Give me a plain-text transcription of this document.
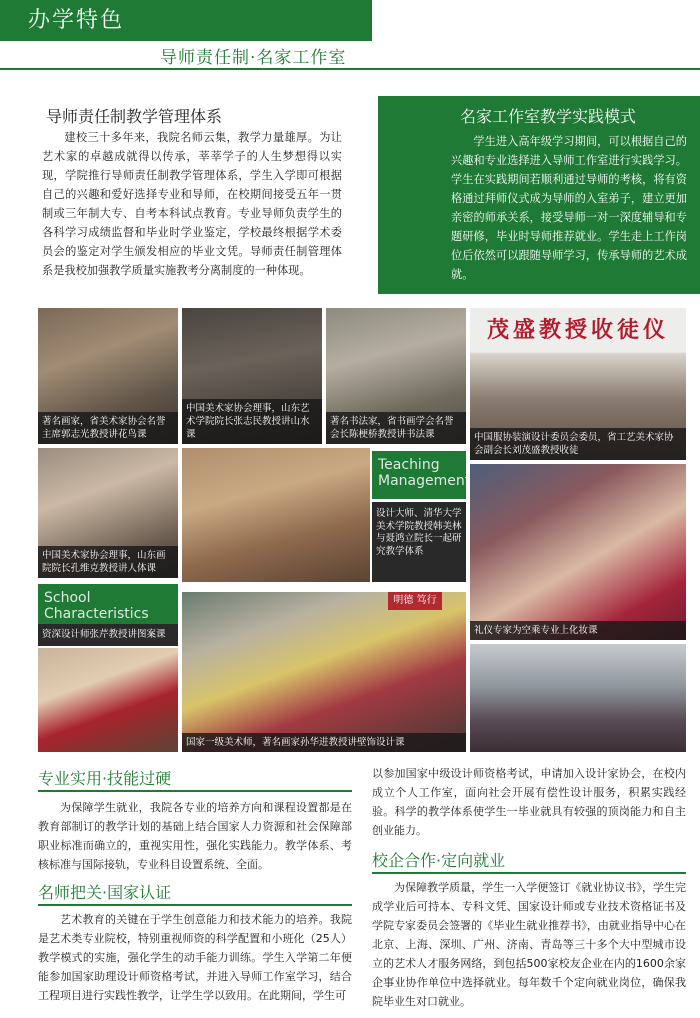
办学特色
导师责任制·名家工作室
导师责任制教学管理体系
建校三十多年来，我院名师云集，教学力量雄厚。为让艺术家的卓越成就得以传承，莘莘学子的人生梦想得以实现，学院推行导师责任制教学管理体系，学生入学即可根据自己的兴趣和爱好选择专业和导师，在校期间接受五年一贯制或三年制大专、自考本科试点教育。专业导师负责学生的各科学习成绩监督和毕业时学业鉴定，学校最终根据学术委员会的鉴定对学生颁发相应的毕业文凭。导师责任制管理体系是我校加强教学质量实施教考分离制度的一种体现。
名家工作室教学实践模式
学生进入高年级学习期间，可以根据自己的兴趣和专业选择进入导师工作室进行实践学习。学生在实践期间若顺利通过导师的考核，将有资格通过拜师仪式成为导师的入室弟子，建立更加亲密的师承关系，接受导师一对一深度辅导和专题研修，毕业时导师推荐就业。学生走上工作岗位后依然可以跟随导师学习，传承导师的艺术成就。
著名画家，省美术家协会名誉主席郭志光教授讲花鸟课
中国美术家协会理事，山东艺术学院院长张志民教授讲山水课
著名书法家，省书画学会名誉会长陈梗桥教授讲书法课
茂盛教授收徒仪
中国服协装演设计委员会委员，省工艺美术家协会副会长刘茂盛教授收徒
中国美术家协会理事，山东画院院长孔维克教授讲人体课
Teaching Management
设计大师、清华大学美术学院教授韩美林与聂鸿立院长一起研究教学体系
礼仪专家为空乘专业上化妆课
School Characteristics
资深设计师张芹教授讲图案课
明德 笃行
国家一级美术师，著名画家孙华进教授讲壁饰设计课
专业实用·技能过硬
为保障学生就业，我院各专业的培养方向和课程设置都是在教育部制订的教学计划的基础上结合国家人力资源和社会保障部职业标准而确立的，重视实用性，强化实践能力。教学体系、考核标准与国际接轨，专业科目设置系统、全面。
名师把关·国家认证
艺术教育的关键在于学生创意能力和技术能力的培养。我院是艺术类专业院校，特别重视师资的科学配置和小班化（25人）教学模式的实施，强化学生的动手能力训练。学生入学第二年便能参加国家助理设计师资格考试，并进入导师工作室学习，结合工程项目进行实践性教学，让学生学以致用。在此期间，学生可
以参加国家中级设计师资格考试，申请加入设计家协会，在校内成立个人工作室，面向社会开展有偿性设计服务，积累实践经验。科学的教学体系使学生一毕业就具有较强的顶岗能力和自主创业能力。
校企合作·定向就业
为保障教学质量，学生一入学便签订《就业协议书》，学生完成学业后可持本、专科文凭、国家设计师或专业技术资格证书及学院专家委员会签署的《毕业生就业推荐书》，由就业指导中心在北京、上海、深圳、广州、济南、青岛等三十多个大中型城市设立的艺术人才服务网络，到包括500家校友企业在内的1600余家企事业协作单位中选择就业。每年数千个定向就业岗位，确保我院毕业生对口就业。
